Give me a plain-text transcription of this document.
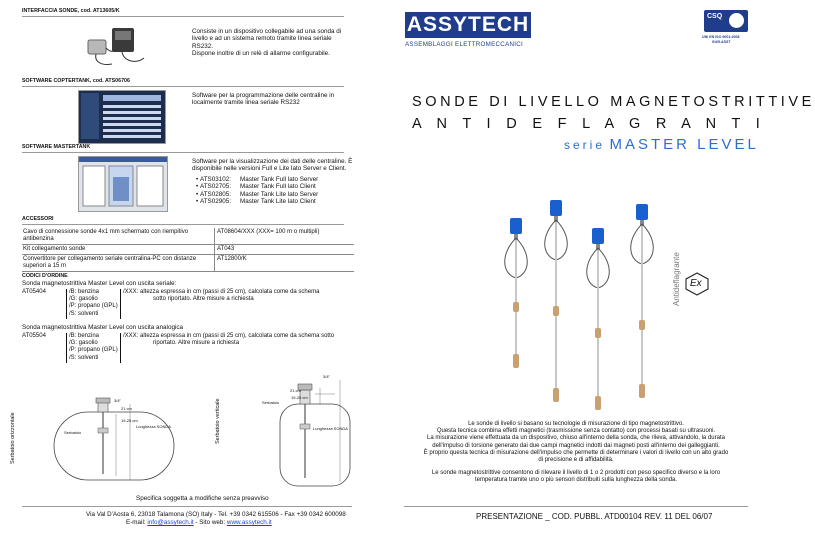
INTERFACCIA SONDE, cod. AT13605/K
Consiste in un dispositivo collegabile ad una sonda di
livello e ad un sistema remoto tramite linea seriale
RS232.
Dispone inoltre di un relè di allarme configurabile.
SOFTWARE COPTERTANK, cod. ATS06706
Software per la programmazione delle centraline in
localmente tramite linea seriale RS232
SOFTWARE MASTERTANK
Software per la visualizzazione dei dati delle centraline. È
disponibile nelle versioni Full e Lite lato Server e Client.
• ATS03102: Master Tank Full lato Server
• ATS02705: Master Tank Full lato Client
• ATS02805: Master Tank Lite lato Server
• ATS02905: Master Tank Lite lato Client
ACCESSORI
Cavo di connessione sonde 4x1 mm schermato con riempitivo antibenzina	AT08604/XXX (XXX= 100 m o multipli)
Kit collegamento sonde	AT043
Convertitore per collegamento seriale centralina-PC con distanze superiori a 15 m	AT12800/K
CODICI D'ORDINE
Sonda magnetostrittiva Master Level con uscita seriale:
AT05404	/B: benzina
/G: gasolio
/P: propano (GPL)
/S: solventi
/XXX: altezza espressa in cm (passi di 25 cm), calcolata come da schema
sotto riportato. Altre misure a richiesta
Sonda magnetostrittiva Master Level con uscita analogica
AT05504	/B: benzina
/G: gasolio
/P: propano (GPL)
/S: solventi
/XXX: altezza espressa in cm (passi di 25 cm), calcolata come da schema sotto
riportato. Altre misure a richiesta
Serbatoio orizzontale	Serbatoio verticale
3/4"
21 cm
19-25 cm
Lunghezza SONDA
Serbatoio
3/4"
21 cm
19-25 cm
Serbatoio
Lunghezza SONDA
Specifica soggetta a modifiche senza preavviso
Via Val D'Aosta 6, 23018 Talamona (SO) Italy - Tel. +39 0342 615506 - Fax +39 0342 600098
E-mail: info@assytech.it - Sito web: www.assytech.it
ASSYTECH
ASSEMBLAGGI ELETTROMECCANICI
CSQ
UNI EN ISO 9001:2008
9165.ASST
SONDE DI LIVELLO MAGNETOSTRITTIVE
A N T I D E F L A G R A N T I
serie MASTER LEVEL
Antideflagrante Ex
Le sonde di livello si basano su tecnologie di misurazione di tipo magnetostrittivo.
Questa tecnica combina effetti magnetici (trasmissione senza contatto) con processi basati su ultrasuoni.
La misurazione viene effettuata da un dispositivo, chiuso all'interno della sonda, che rileva, attivandolo, la durata
dell'impulso di torsione generato dai due campi magnetici indotti dai magneti posti all'interno dei galleggianti.
È proprio questa tecnica di misurazione dell'impulso che permette di determinare i valori di livello con un alto grado
di precisione e di affidabilità.
Le sonde magnetostrittive consentono di rilevare il livello di 1 o 2 prodotti con peso specifico diverso e la loro
temperatura tramite uno o più sensori distribuiti sulla lunghezza della sonda.
PRESENTAZIONE _ COD. PUBBL. ATD00104 REV. 11 DEL 06/07
